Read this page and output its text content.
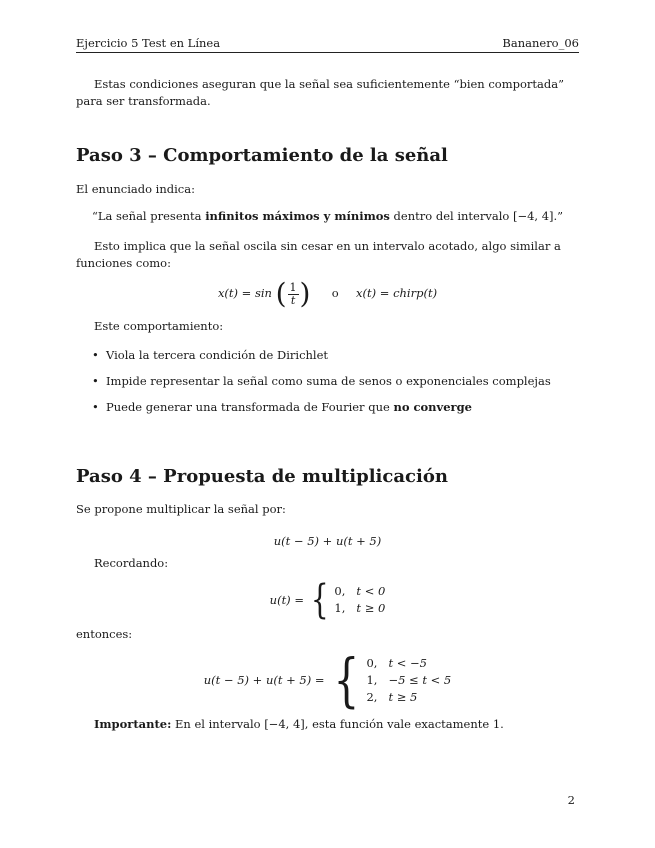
Ejercicio 5 Test en Línea	Bananero_06
Estas condiciones aseguran que la señal sea suficientemente “bien comportada” para ser transformada.
Paso 3 – Comportamiento de la señal
El enunciado indica:
“La señal presenta infinitos máximos y mínimos dentro del intervalo [−4, 4].”
Esto implica que la señal oscila sin cesar en un intervalo acotado, algo similar a funciones como:
x(t) = sin ( $\frac{1}{t}$ ) o x(t) = chirp(t)
Este comportamiento:
• Viola la tercera condición de Dirichlet
• Impide representar la señal como suma de senos o exponenciales complejas
• Puede generar una transformada de Fourier que no converge
Paso 4 – Propuesta de multiplicación
Se propone multiplicar la señal por:
u(t − 5) + u(t + 5)
Recordando:
u(t) = { 0, t < 0
1, t ≥ 0
entonces:
u(t − 5) + u(t + 5) = { 0, t < −5
1, −5 ≤ t < 5
2, t ≥ 5
Importante: En el intervalo [−4, 4], esta función vale exactamente 1.
2
